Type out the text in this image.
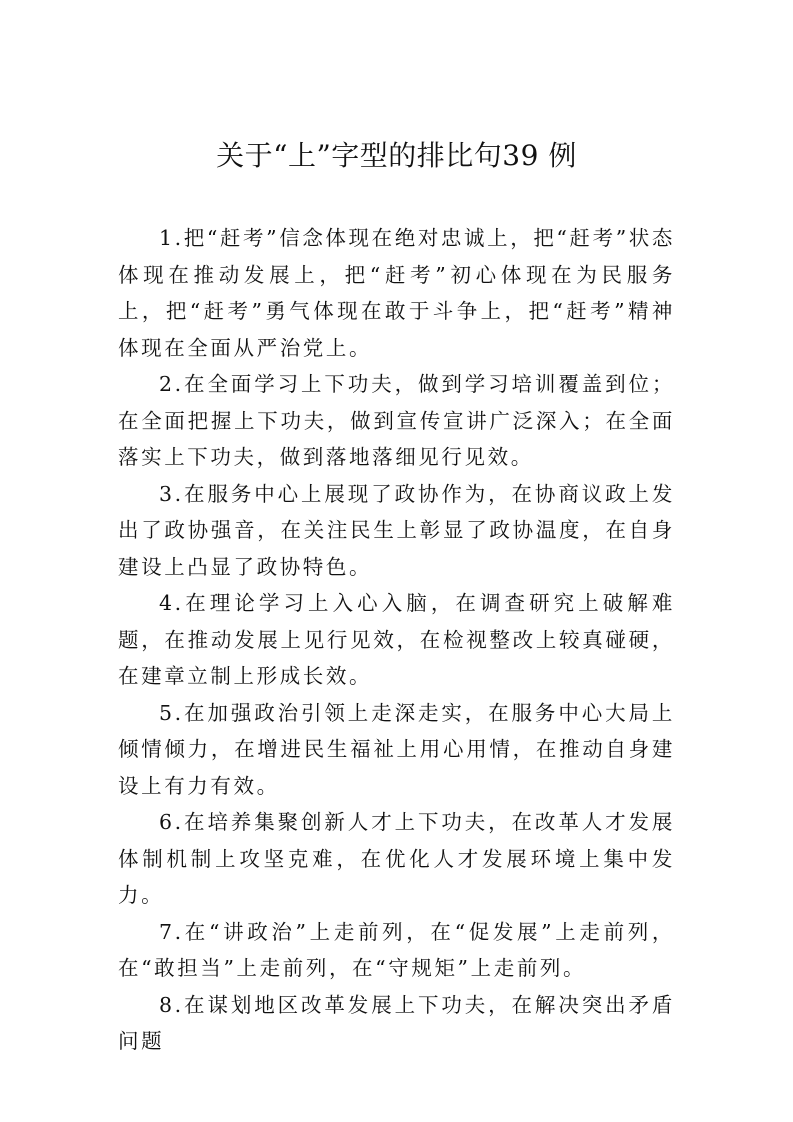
关于“上”字型的排比句39 例

1.把“赶考”信念体现在绝对忠诚上，把“赶考”状态体现在推动发展上，把“赶考”初心体现在为民服务上，把“赶考”勇气体现在敢于斗争上，把“赶考”精神体现在全面从严治党上。

2.在全面学习上下功夫，做到学习培训覆盖到位；在全面把握上下功夫，做到宣传宣讲广泛深入；在全面落实上下功夫，做到落地落细见行见效。

3.在服务中心上展现了政协作为，在协商议政上发出了政协强音，在关注民生上彰显了政协温度，在自身建设上凸显了政协特色。

4.在理论学习上入心入脑，在调查研究上破解难题，在推动发展上见行见效，在检视整改上较真碰硬，在建章立制上形成长效。

5.在加强政治引领上走深走实，在服务中心大局上倾情倾力，在增进民生福祉上用心用情，在推动自身建设上有力有效。

6.在培养集聚创新人才上下功夫，在改革人才发展体制机制上攻坚克难，在优化人才发展环境上集中发力。

7.在“讲政治”上走前列，在“促发展”上走前列，在“敢担当”上走前列，在“守规矩”上走前列。

8.在谋划地区改革发展上下功夫，在解决突出矛盾问题
